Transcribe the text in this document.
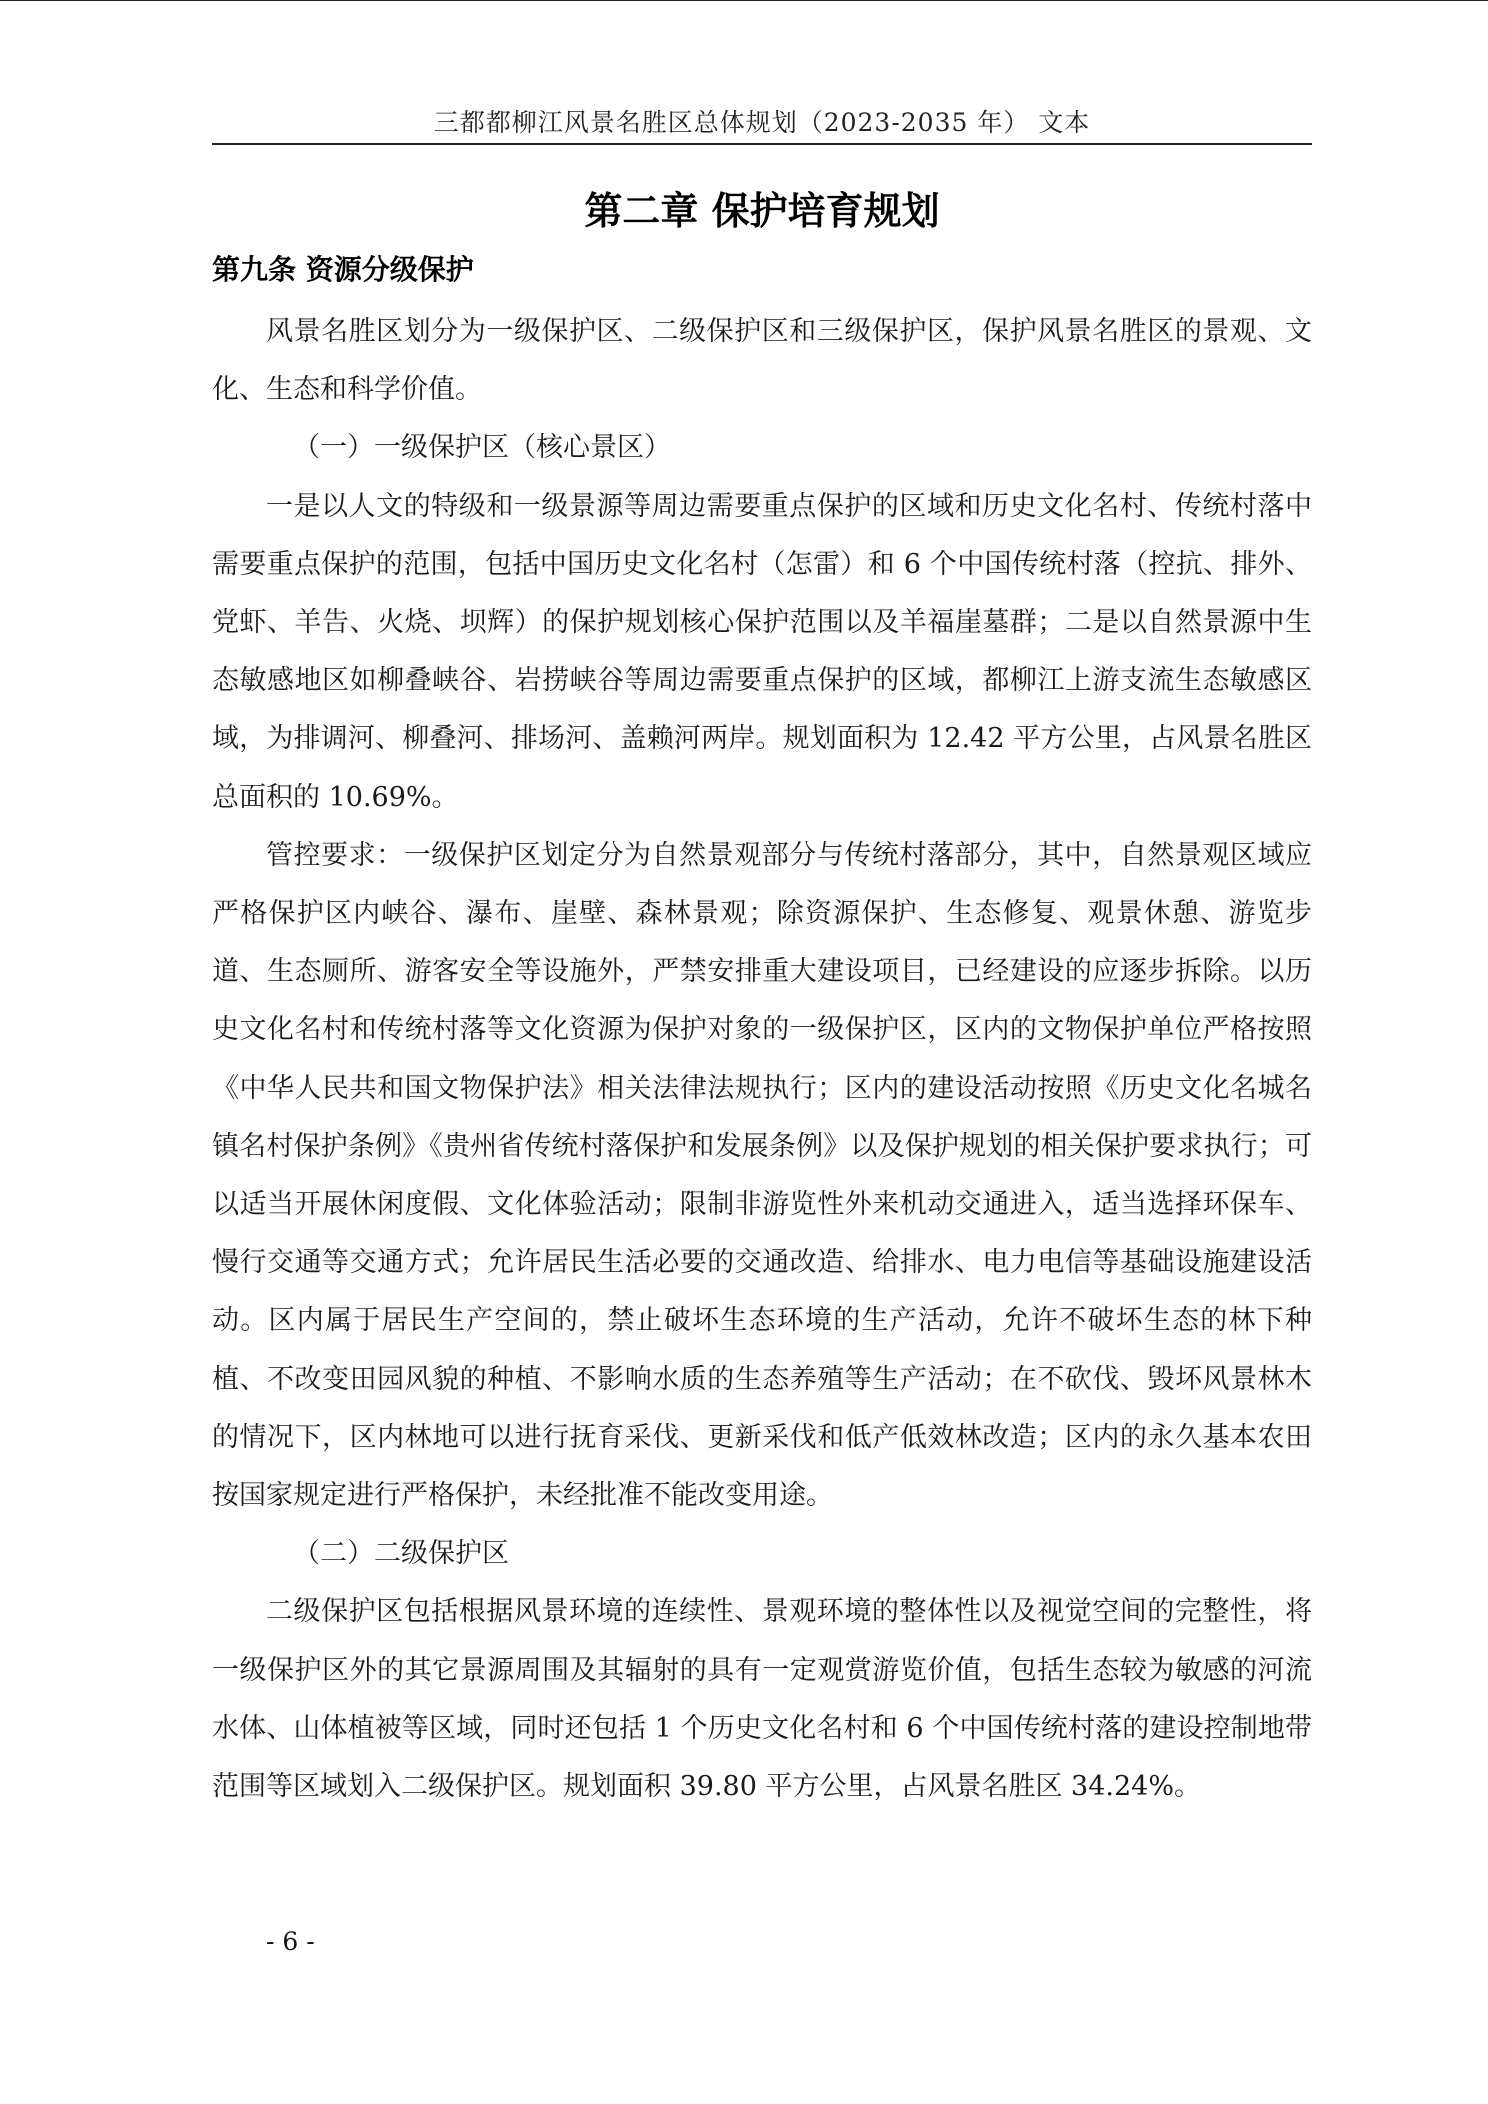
三都都柳江风景名胜区总体规划（2023-2035 年） 文本
第二章 保护培育规划
第九条 资源分级保护

风景名胜区划分为一级保护区、二级保护区和三级保护区，保护风景名胜区的景观、文化、生态和科学价值。

（一）一级保护区（核心景区）

一是以人文的特级和一级景源等周边需要重点保护的区域和历史文化名村、传统村落中需要重点保护的范围，包括中国历史文化名村（怎雷）和 6 个中国传统村落（控抗、排外、党虾、羊告、火烧、坝辉）的保护规划核心保护范围以及羊福崖墓群；二是以自然景源中生态敏感地区如柳叠峡谷、岩捞峡谷等周边需要重点保护的区域，都柳江上游支流生态敏感区域，为排调河、柳叠河、排场河、盖赖河两岸。规划面积为 12.42 平方公里，占风景名胜区总面积的 10.69%。

管控要求：一级保护区划定分为自然景观部分与传统村落部分，其中，自然景观区域应严格保护区内峡谷、瀑布、崖壁、森林景观；除资源保护、生态修复、观景休憩、游览步道、生态厕所、游客安全等设施外，严禁安排重大建设项目，已经建设的应逐步拆除。以历史文化名村和传统村落等文化资源为保护对象的一级保护区，区内的文物保护单位严格按照《中华人民共和国文物保护法》相关法律法规执行；区内的建设活动按照《历史文化名城名镇名村保护条例》《贵州省传统村落保护和发展条例》以及保护规划的相关保护要求执行；可以适当开展休闲度假、文化体验活动；限制非游览性外来机动交通进入，适当选择环保车、慢行交通等交通方式；允许居民生活必要的交通改造、给排水、电力电信等基础设施建设活动。区内属于居民生产空间的，禁止破坏生态环境的生产活动，允许不破坏生态的林下种植、不改变田园风貌的种植、不影响水质的生态养殖等生产活动；在不砍伐、毁坏风景林木的情况下，区内林地可以进行抚育采伐、更新采伐和低产低效林改造；区内的永久基本农田按国家规定进行严格保护，未经批准不能改变用途。

（二）二级保护区

二级保护区包括根据风景环境的连续性、景观环境的整体性以及视觉空间的完整性，将一级保护区外的其它景源周围及其辐射的具有一定观赏游览价值，包括生态较为敏感的河流水体、山体植被等区域，同时还包括 1 个历史文化名村和 6 个中国传统村落的建设控制地带范围等区域划入二级保护区。规划面积 39.80 平方公里，占风景名胜区 34.24%。

- 6 -
